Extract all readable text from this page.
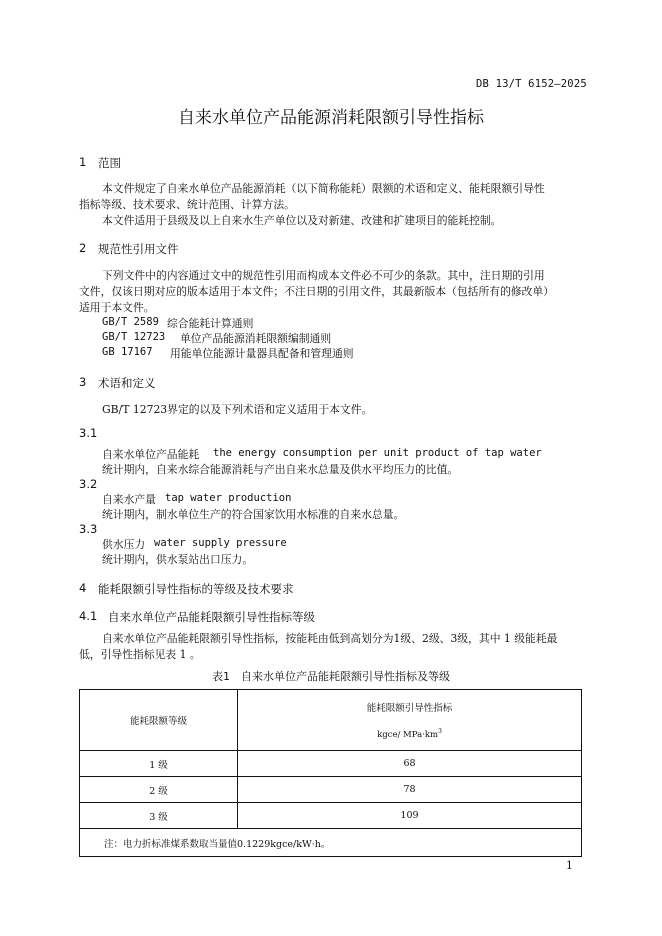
DB 13/T 6152—2025
自来水单位产品能源消耗限额引导性指标
1 范围
本文件规定了自来水单位产品能源消耗（以下简称能耗）限额的术语和定义、能耗限额引导性
指标等级、技术要求、统计范围、计算方法。
本文件适用于县级及以上自来水生产单位以及对新建、改建和扩建项目的能耗控制。
2 规范性引用文件
下列文件中的内容通过文中的规范性引用而构成本文件必不可少的条款。其中，注日期的引用
文件，仅该日期对应的版本适用于本文件；不注日期的引用文件，其最新版本（包括所有的修改单）
适用于本文件。
GB/T 2589 综合能耗计算通则
GB/T 12723 单位产品能源消耗限额编制通则
GB 17167 用能单位能源计量器具配备和管理通则
3 术语和定义
GB/T 12723界定的以及下列术语和定义适用于本文件。
3.1
自来水单位产品能耗 the energy consumption per unit product of tap water
统计期内，自来水综合能源消耗与产出自来水总量及供水平均压力的比值。
3.2
自来水产量 tap water production
统计期内，制水单位生产的符合国家饮用水标准的自来水总量。
3.3
供水压力 water supply pressure
统计期内，供水泵站出口压力。
4 能耗限额引导性指标的等级及技术要求
4.1 自来水单位产品能耗限额引导性指标等级
自来水单位产品能耗限额引导性指标，按能耗由低到高划分为1级、2级、3级，其中 1 级能耗最
低，引导性指标见表 1 。
表1　自来水单位产品能耗限额引导性指标及等级
能耗限额等级	能耗限额引导性指标
kgce/ $MPa\cdot km^3$

1 级	68
2 级	78
3 级	109
注：电力折标准煤系数取当量值0.1229kgce/kW·h。	
1
